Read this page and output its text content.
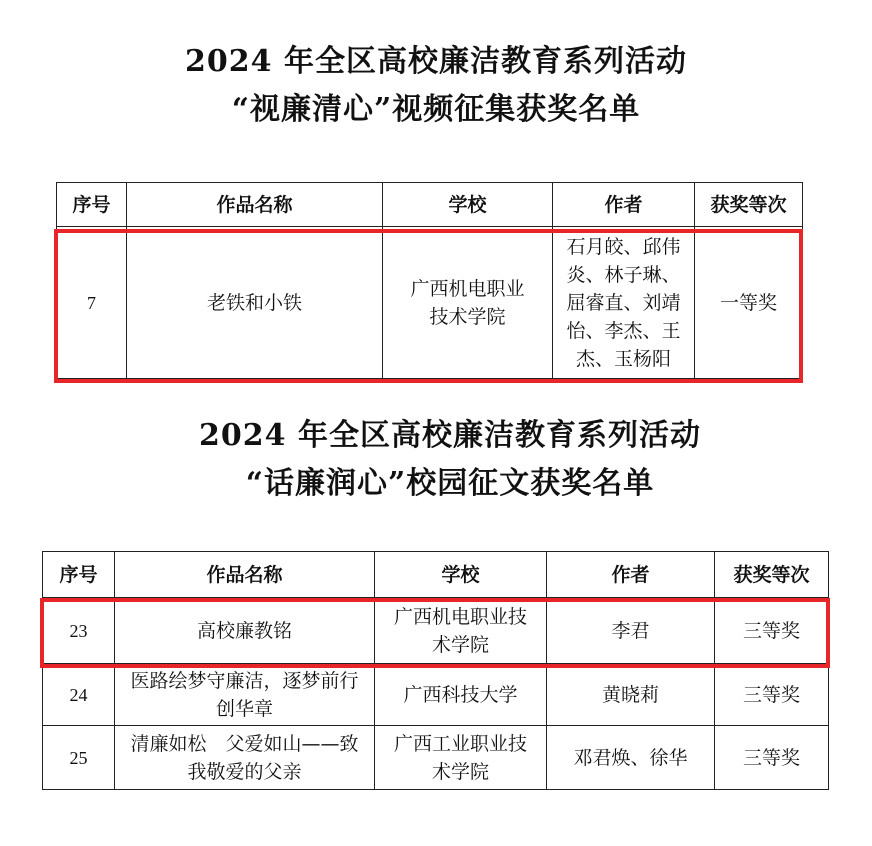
2024 年全区高校廉洁教育系列活动
“视廉清心”视频征集获奖名单
序号	作品名称	学校	作者	获奖等次
7	老铁和小铁	广西机电职业技术学院	石月皎、邱伟炎、林子琳、屈睿直、刘靖怡、李杰、王杰、玉杨阳	一等奖
2024 年全区高校廉洁教育系列活动
“话廉润心”校园征文获奖名单
序号	作品名称	学校	作者	获奖等次
23	高校廉教铭	广西机电职业技术学院	李君	三等奖
24	医路绘梦守廉洁，逐梦前行创华章	广西科技大学	黄晓莉	三等奖
25	清廉如松　父爱如山——致我敬爱的父亲	广西工业职业技术学院	邓君焕、徐华	三等奖
